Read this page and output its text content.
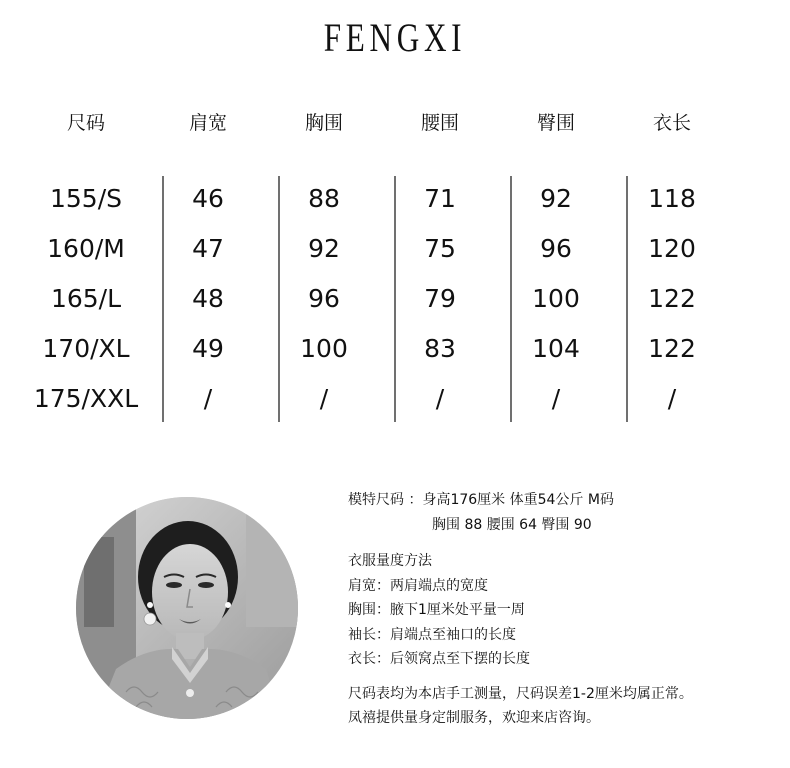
FENGXI
尺码	肩宽	胸围	腰围	臀围	衣长
155/S	46	88	71	92	118
160/M	47	92	75	96	120
165/L	48	96	79	100	122
170/XL	49	100	83	104	122
175/XXL	/	/	/	/	/
模特尺码 ：身高176厘米 体重54公斤 M码
胸围 88 腰围 64 臀围 90
衣服量度方法
肩宽：两肩端点的宽度
胸围：腋下1厘米处平量一周
袖长：肩端点至袖口的长度
衣长：后领窝点至下摆的长度
尺码表均为本店手工测量，尺码误差1-2厘米均属正常。
凤禧提供量身定制服务，欢迎来店咨询。
